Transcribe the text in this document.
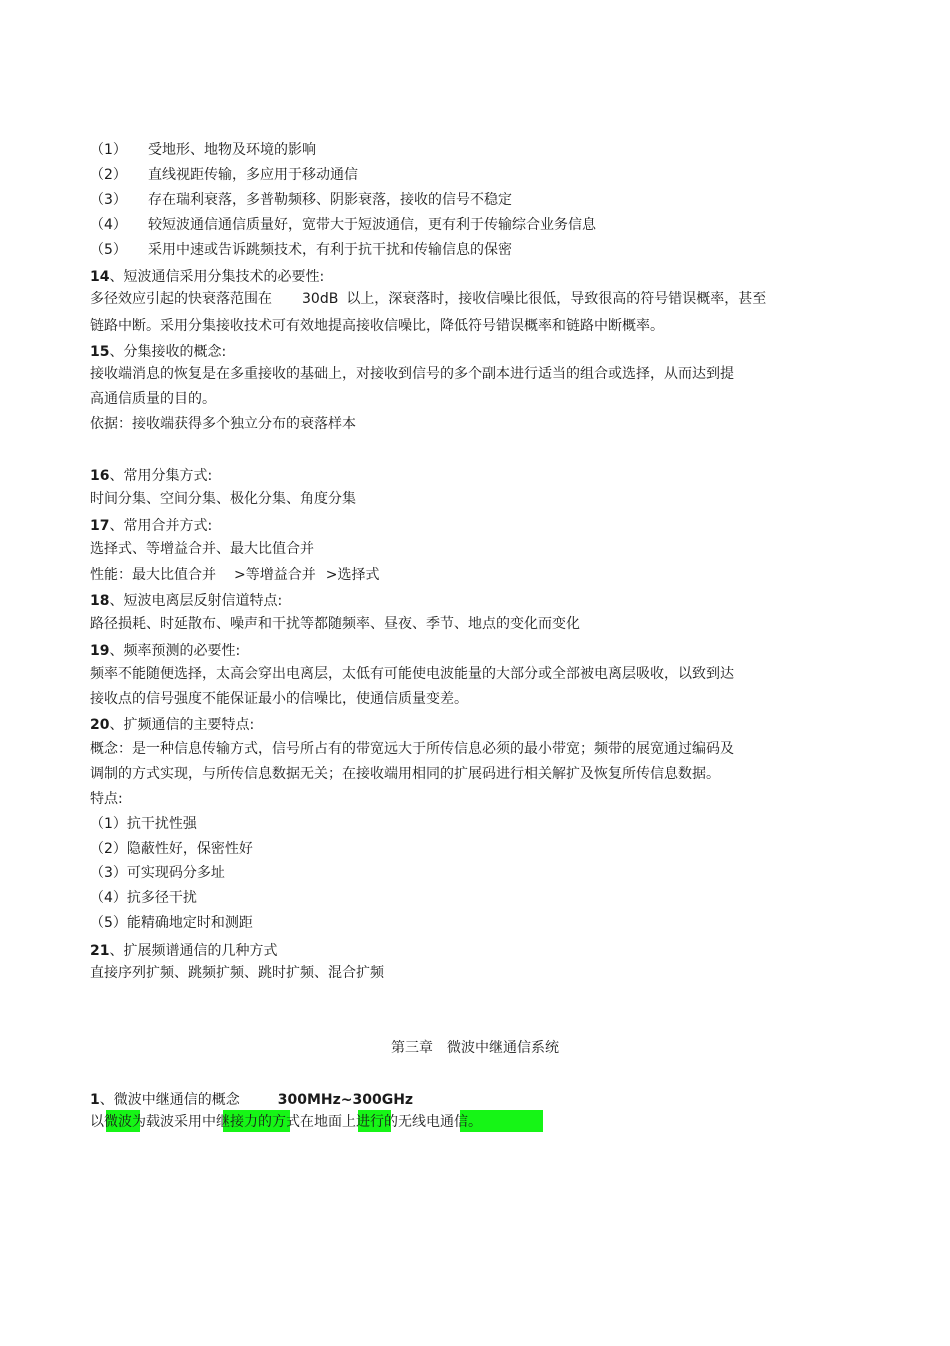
（1） 受地形、地物及环境的影响
（2） 直线视距传输，多应用于移动通信
（3） 存在瑞利衰落，多普勒频移、阴影衰落，接收的信号不稳定
（4） 较短波通信通信质量好，宽带大于短波通信，更有利于传输综合业务信息
（5） 采用中速或告诉跳频技术，有利于抗干扰和传输信息的保密
14、短波通信采用分集技术的必要性:
多径效应引起的快衰落范围在 30dB 以上，深衰落时，接收信噪比很低，导致很高的符号错误概率，甚至
链路中断。采用分集接收技术可有效地提高接收信噪比，降低符号错误概率和链路中断概率。
15、分集接收的概念:
接收端消息的恢复是在多重接收的基础上，对接收到信号的多个副本进行适当的组合或选择，从而达到提
高通信质量的目的。
依据：接收端获得多个独立分布的衰落样本
16、常用分集方式:
时间分集、空间分集、极化分集、角度分集
17、常用合并方式:
选择式、等增益合并、最大比值合并
性能：最大比值合并 >等增益合并 >选择式
18、短波电离层反射信道特点:
路径损耗、时延散布、噪声和干扰等都随频率、昼夜、季节、地点的变化而变化
19、频率预测的必要性:
频率不能随便选择，太高会穿出电离层，太低有可能使电波能量的大部分或全部被电离层吸收，以致到达
接收点的信号强度不能保证最小的信噪比，使通信质量变差。
20、扩频通信的主要特点:
概念：是一种信息传输方式，信号所占有的带宽远大于所传信息必须的最小带宽；频带的展宽通过编码及
调制的方式实现，与所传信息数据无关；在接收端用相同的扩展码进行相关解扩及恢复所传信息数据。
特点:
（1）抗干扰性强
（2）隐蔽性好，保密性好
（3）可实现码分多址
（4）抗多径干扰
（5）能精确地定时和测距
21、扩展频谱通信的几种方式
直接序列扩频、跳频扩频、跳时扩频、混合扩频
第三章　微波中继通信系统
1、微波中继通信的概念	300MHz~300GHz
以微波为载波采用中继接力的方式在地面上进行的无线电通信。
